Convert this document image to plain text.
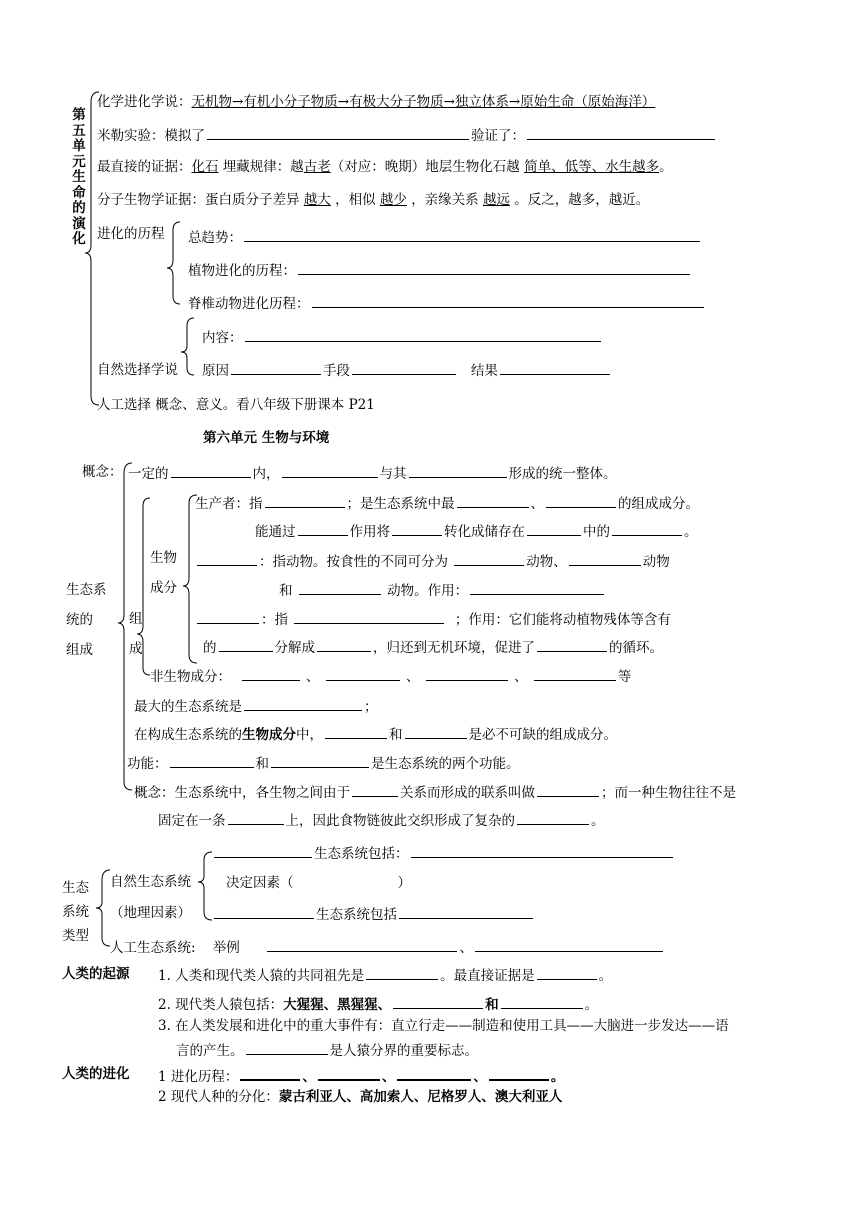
第
五
单
元
生
命
的
演
化
化学进化学说：无机物→有机小分子物质→有极大分子物质→独立体系→原始生命（原始海洋）
米勒实验：模拟了	验证了：
最直接的证据：化石 埋藏规律：越古老（对应：晚期）地层生物化石越 简单、低等、水生越多。
分子生物学证据：蛋白质分子差异 越大 ，相似 越少 ，亲缘关系 越远 。反之，越多，越近。
进化的历程 总趋势：
植物进化的历程：
脊椎动物进化历程：
内容：
自然选择学说 原因	手段	结果
人工选择 概念、意义。看八年级下册课本 P21
第六单元 生物与环境
概念： 一定的	内，	与其	形成的统一整体。
生态系
统的
组成
组
成
生物
成分
生产者：指	；是生态系统中最	、	的组成成分。
能通过	作用将	转化成储存在	中的	。
：指动物。按食性的不同可分为	动物、	动物
和	动物。作用：
：指	；作用：它们能将动植物残体等含有
的	分解成	，归还到无机环境，促进了	的循环。
非生物成分：	、	、	、	等
最大的生态系统是	；
在构成生态系统的生物成分中，	和	是必不可缺的组成成分。
功能：	和	是生态系统的两个功能。
概念：生态系统中，各生物之间由于	关系而形成的联系叫做	；而一种生物往往不是
固定在一条	上，因此食物链彼此交织形成了复杂的	。
生态
系统
类型
自然生态系统
（地理因素）
生态系统包括：
决定因素（	）
生态系统包括
人工生态系统: 举例	、
人类的起源 1. 人类和现代类人猿的共同祖先是	。最直接证据是	。
2. 现代类人猿包括：大猩猩、黑猩猩、	和	。
3. 在人类发展和进化中的重大事件有：直立行走——制造和使用工具——大脑进一步发达——语
言的产生。	是人猿分界的重要标志。
人类的进化 1 进化历程：	、	、	、	。
2 现代人种的分化：蒙古利亚人、高加索人、尼格罗人、澳大利亚人
